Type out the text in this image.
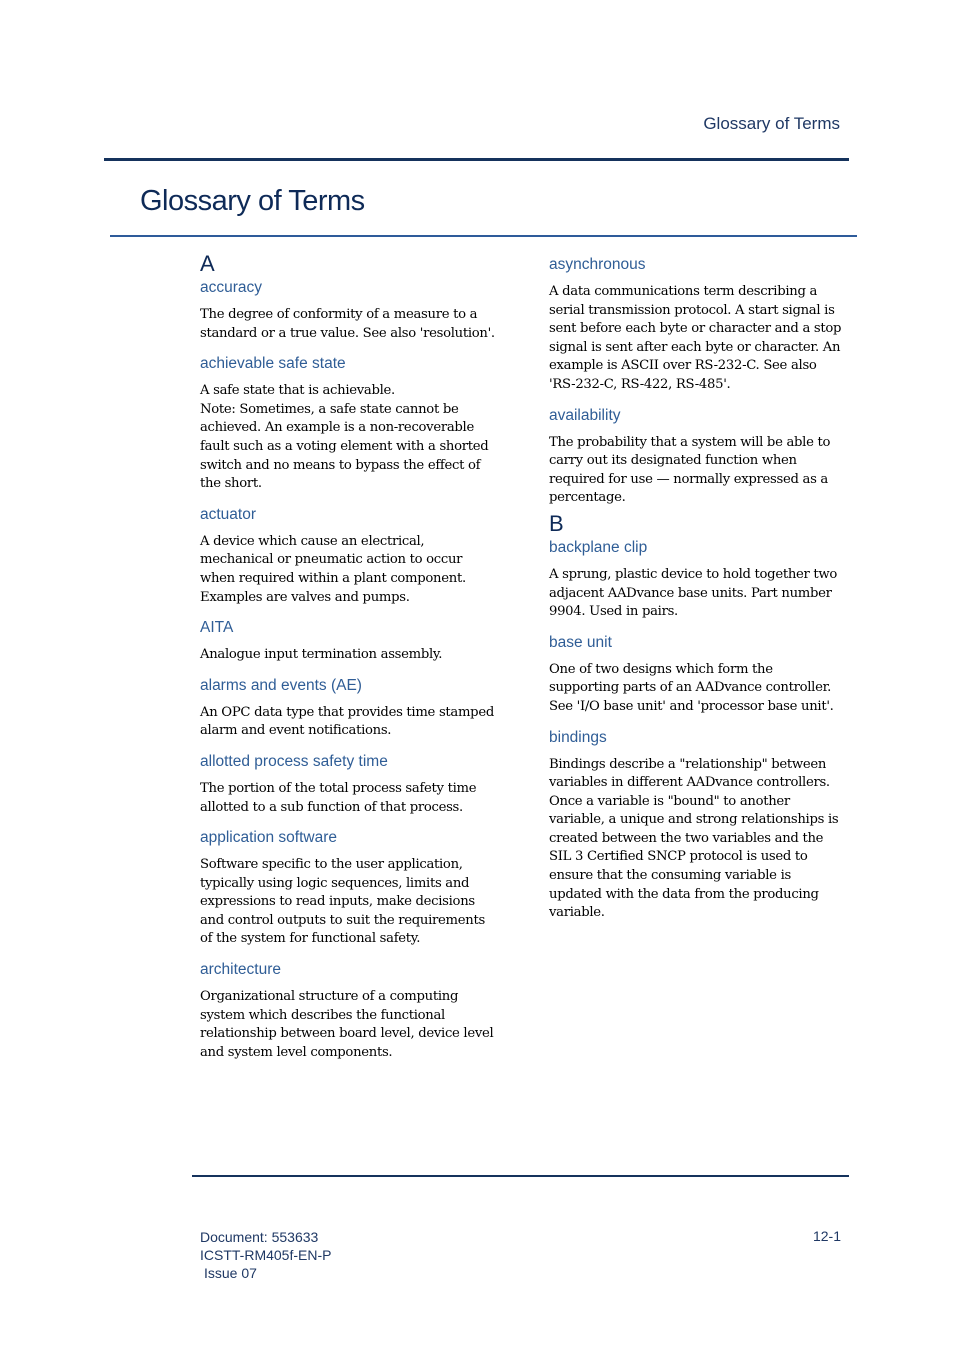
Glossary of Terms
Glossary of Terms

A

accuracy

The degree of conformity of a measure to a standard or a true value. See also 'resolution'.

achievable safe state

A safe state that is achievable.
Note: Sometimes, a safe state cannot be achieved. An example is a non-recoverable fault such as a voting element with a shorted switch and no means to bypass the effect of the short.

actuator

A device which cause an electrical, mechanical or pneumatic action to occur when required within a plant component. Examples are valves and pumps.

AITA

Analogue input termination assembly.

alarms and events (AE)

An OPC data type that provides time stamped alarm and event notifications.

allotted process safety time

The portion of the total process safety time allotted to a sub function of that process.

application software

Software specific to the user application, typically using logic sequences, limits and expressions to read inputs, make decisions and control outputs to suit the requirements of the system for functional safety.

architecture

Organizational structure of a computing system which describes the functional relationship between board level, device level and system level components.

asynchronous

A data communications term describing a serial transmission protocol. A start signal is sent before each byte or character and a stop signal is sent after each byte or character. An example is ASCII over RS-232-C. See also 'RS-232-C, RS-422, RS-485'.

availability

The probability that a system will be able to carry out its designated function when required for use — normally expressed as a percentage.

B

backplane clip

A sprung, plastic device to hold together two adjacent AADvance base units. Part number 9904. Used in pairs.

base unit

One of two designs which form the supporting parts of an AADvance controller. See 'I/O base unit' and 'processor base unit'.

bindings

Bindings describe a "relationship" between variables in different AADvance controllers. Once a variable is "bound" to another variable, a unique and strong relationships is created between the two variables and the SIL 3 Certified SNCP protocol is used to ensure that the consuming variable is updated with the data from the producing variable.

Document: 553633
ICSTT-RM405f-EN-P
Issue 07
12-1
